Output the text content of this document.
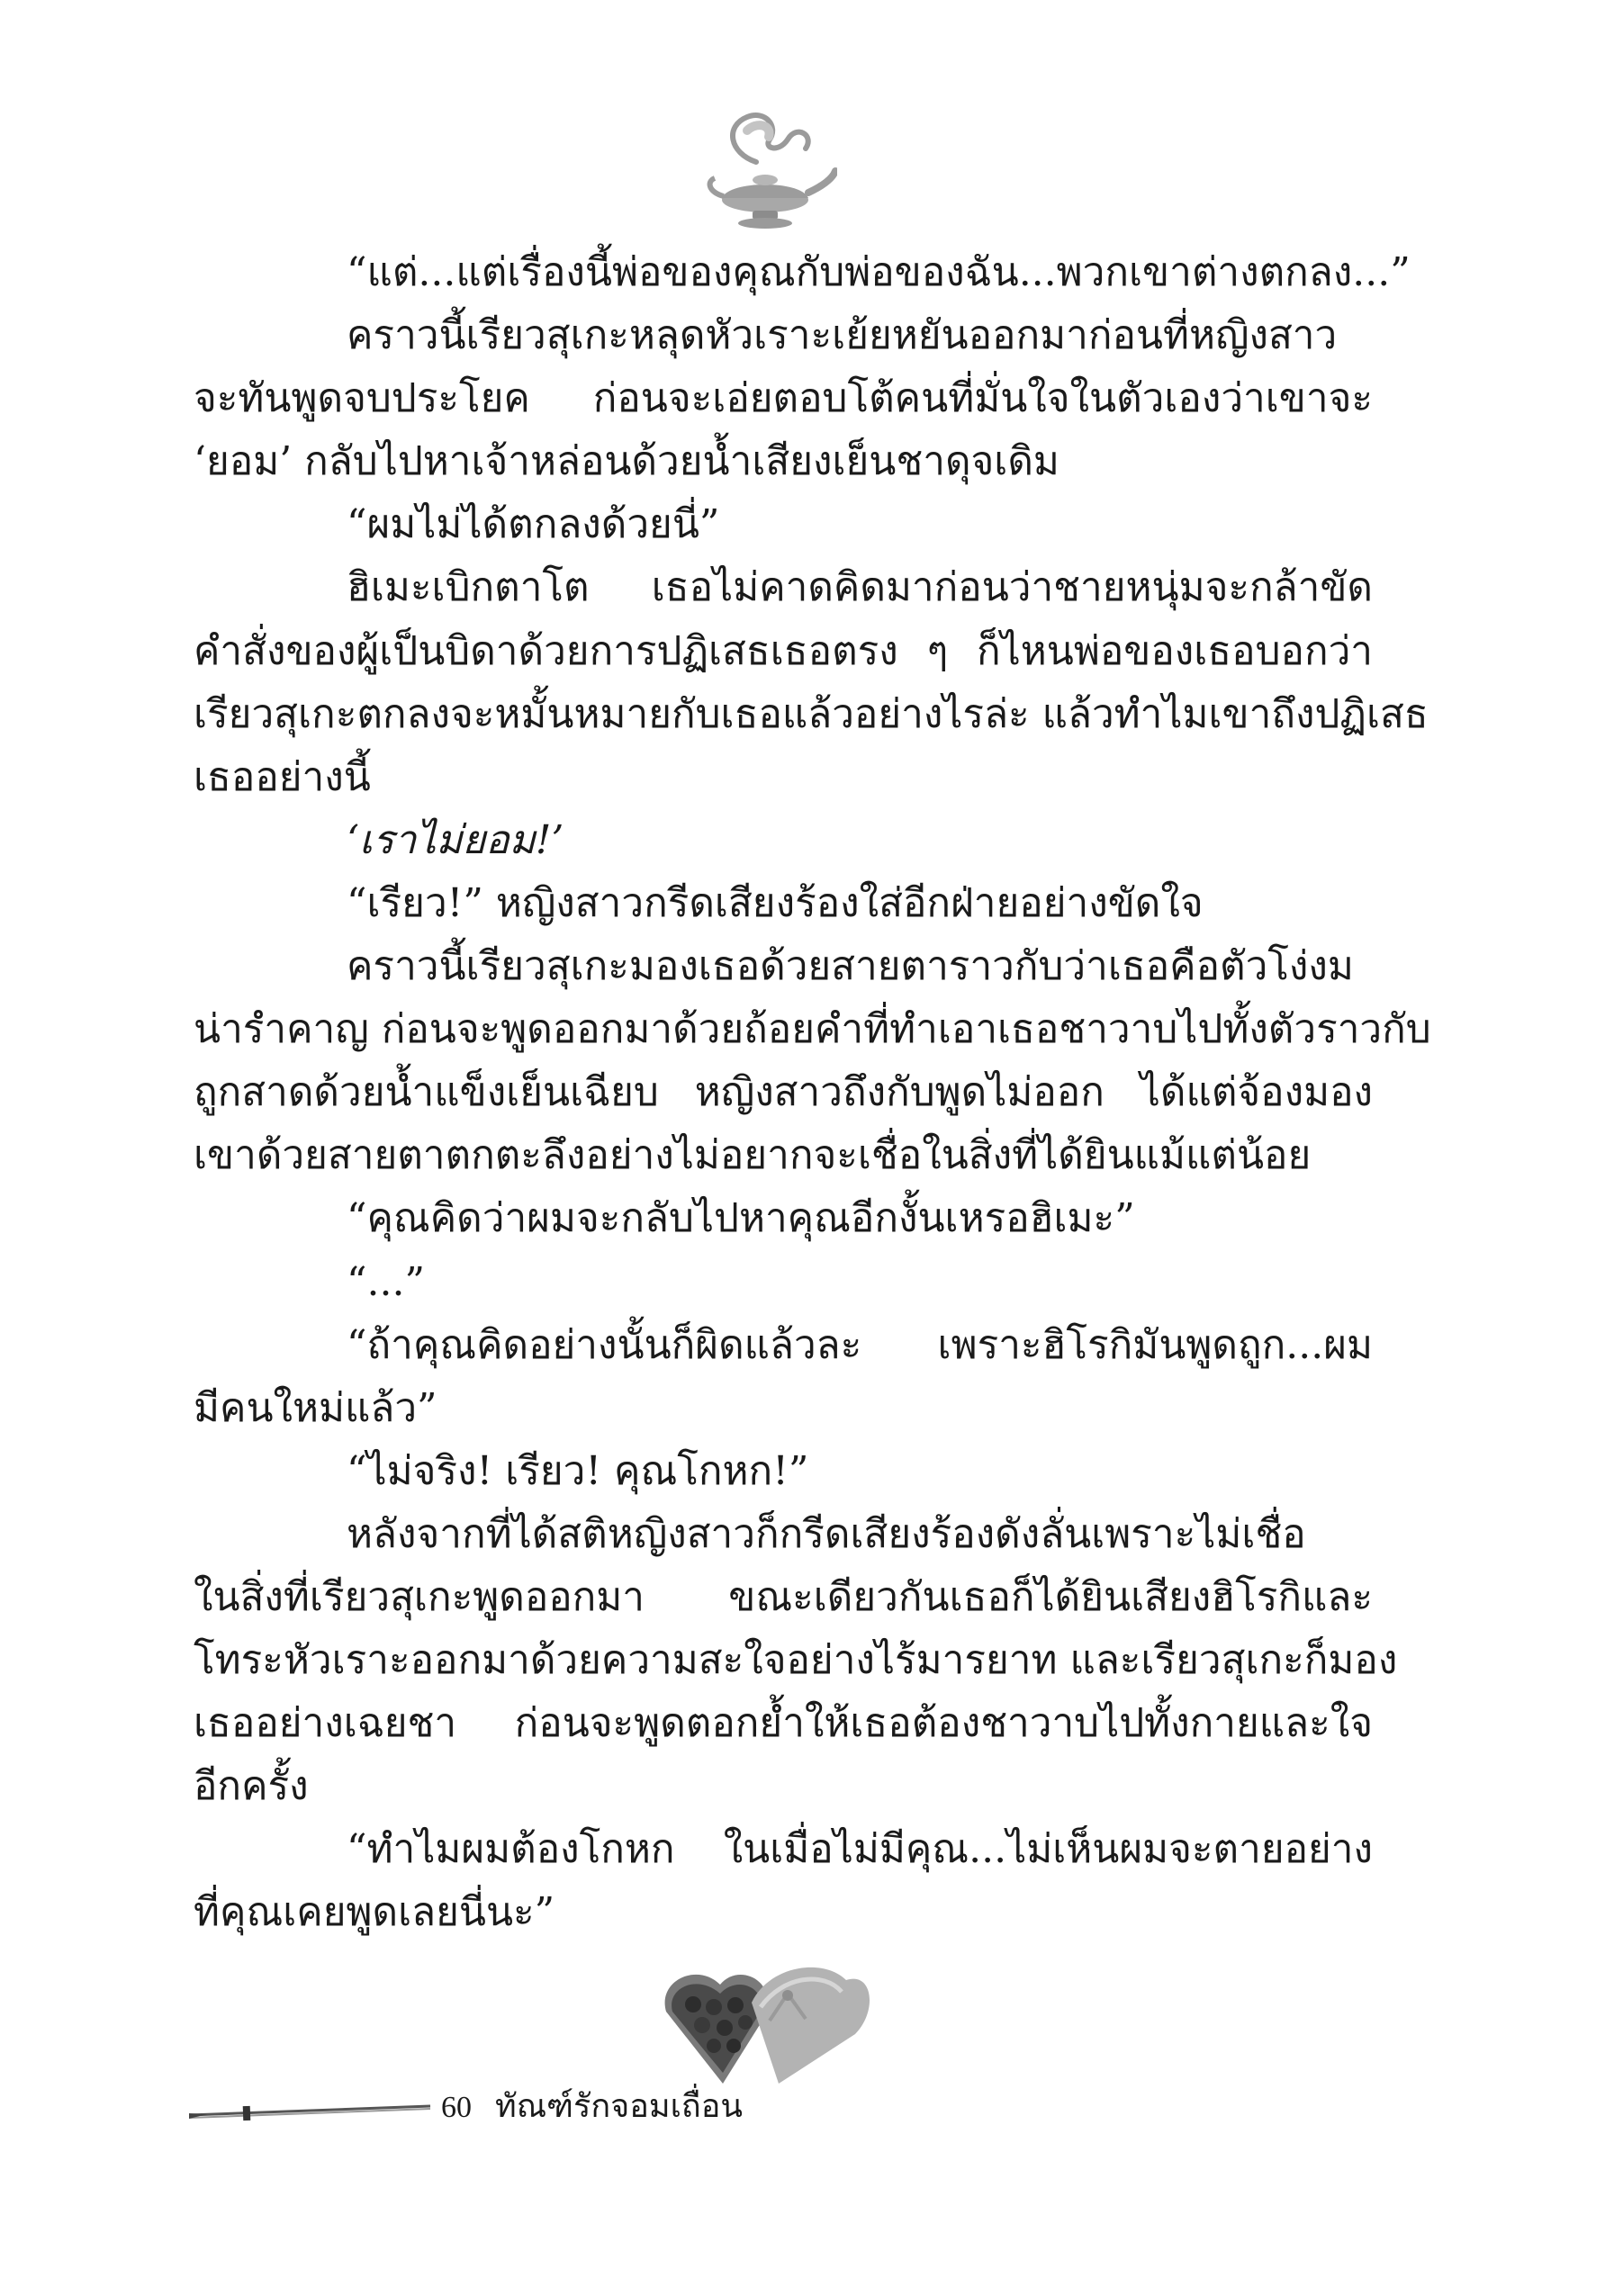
“แต่...แต่เรื่องนี้พ่อของคุณกับพ่อของฉัน...พวกเขาต่างตกลง...”
คราวนี้เรียวสุเกะหลุดหัวเราะเย้ยหยันออกมาก่อนที่หญิงสาว
จะทันพูดจบประโยค ก่อนจะเอ่ยตอบโต้คนที่มั่นใจในตัวเองว่าเขาจะ
‘ยอม’ กลับไปหาเจ้าหล่อนด้วยน้ำเสียงเย็นชาดุจเดิม
“ผมไม่ได้ตกลงด้วยนี่”
ฮิเมะเบิกตาโต เธอไม่คาดคิดมาก่อนว่าชายหนุ่มจะกล้าขัด
คำสั่งของผู้เป็นบิดาด้วยการปฏิเสธเธอตรง ๆ ก็ไหนพ่อของเธอบอกว่า
เรียวสุเกะตกลงจะหมั้นหมายกับเธอแล้วอย่างไรล่ะ แล้วทำไมเขาถึงปฏิเสธ
เธออย่างนี้
‘เราไม่ยอม!’
“เรียว!” หญิงสาวกรีดเสียงร้องใส่อีกฝ่ายอย่างขัดใจ
คราวนี้เรียวสุเกะมองเธอด้วยสายตาราวกับว่าเธอคือตัวโง่งม
น่ารำคาญ ก่อนจะพูดออกมาด้วยถ้อยคำที่ทำเอาเธอชาวาบไปทั้งตัวราวกับ
ถูกสาดด้วยน้ำแข็งเย็นเฉียบ หญิงสาวถึงกับพูดไม่ออก ได้แต่จ้องมอง
เขาด้วยสายตาตกตะลึงอย่างไม่อยากจะเชื่อในสิ่งที่ได้ยินแม้แต่น้อย
“คุณคิดว่าผมจะกลับไปหาคุณอีกงั้นเหรอฮิเมะ”
“...”
“ถ้าคุณคิดอย่างนั้นก็ผิดแล้วละ เพราะฮิโรกิมันพูดถูก...ผม
มีคนใหม่แล้ว”
“ไม่จริง! เรียว! คุณโกหก!”
หลังจากที่ได้สติหญิงสาวก็กรีดเสียงร้องดังลั่นเพราะไม่เชื่อ
ในสิ่งที่เรียวสุเกะพูดออกมา ขณะเดียวกันเธอก็ได้ยินเสียงฮิโรกิและ
โทระหัวเราะออกมาด้วยความสะใจอย่างไร้มารยาท และเรียวสุเกะก็มอง
เธออย่างเฉยชา ก่อนจะพูดตอกย้ำให้เธอต้องชาวาบไปทั้งกายและใจ
อีกครั้ง
“ทำไมผมต้องโกหก ในเมื่อไม่มีคุณ...ไม่เห็นผมจะตายอย่าง
ที่คุณเคยพูดเลยนี่นะ”
60 ทัณฑ์รักจอมเถื่อน
